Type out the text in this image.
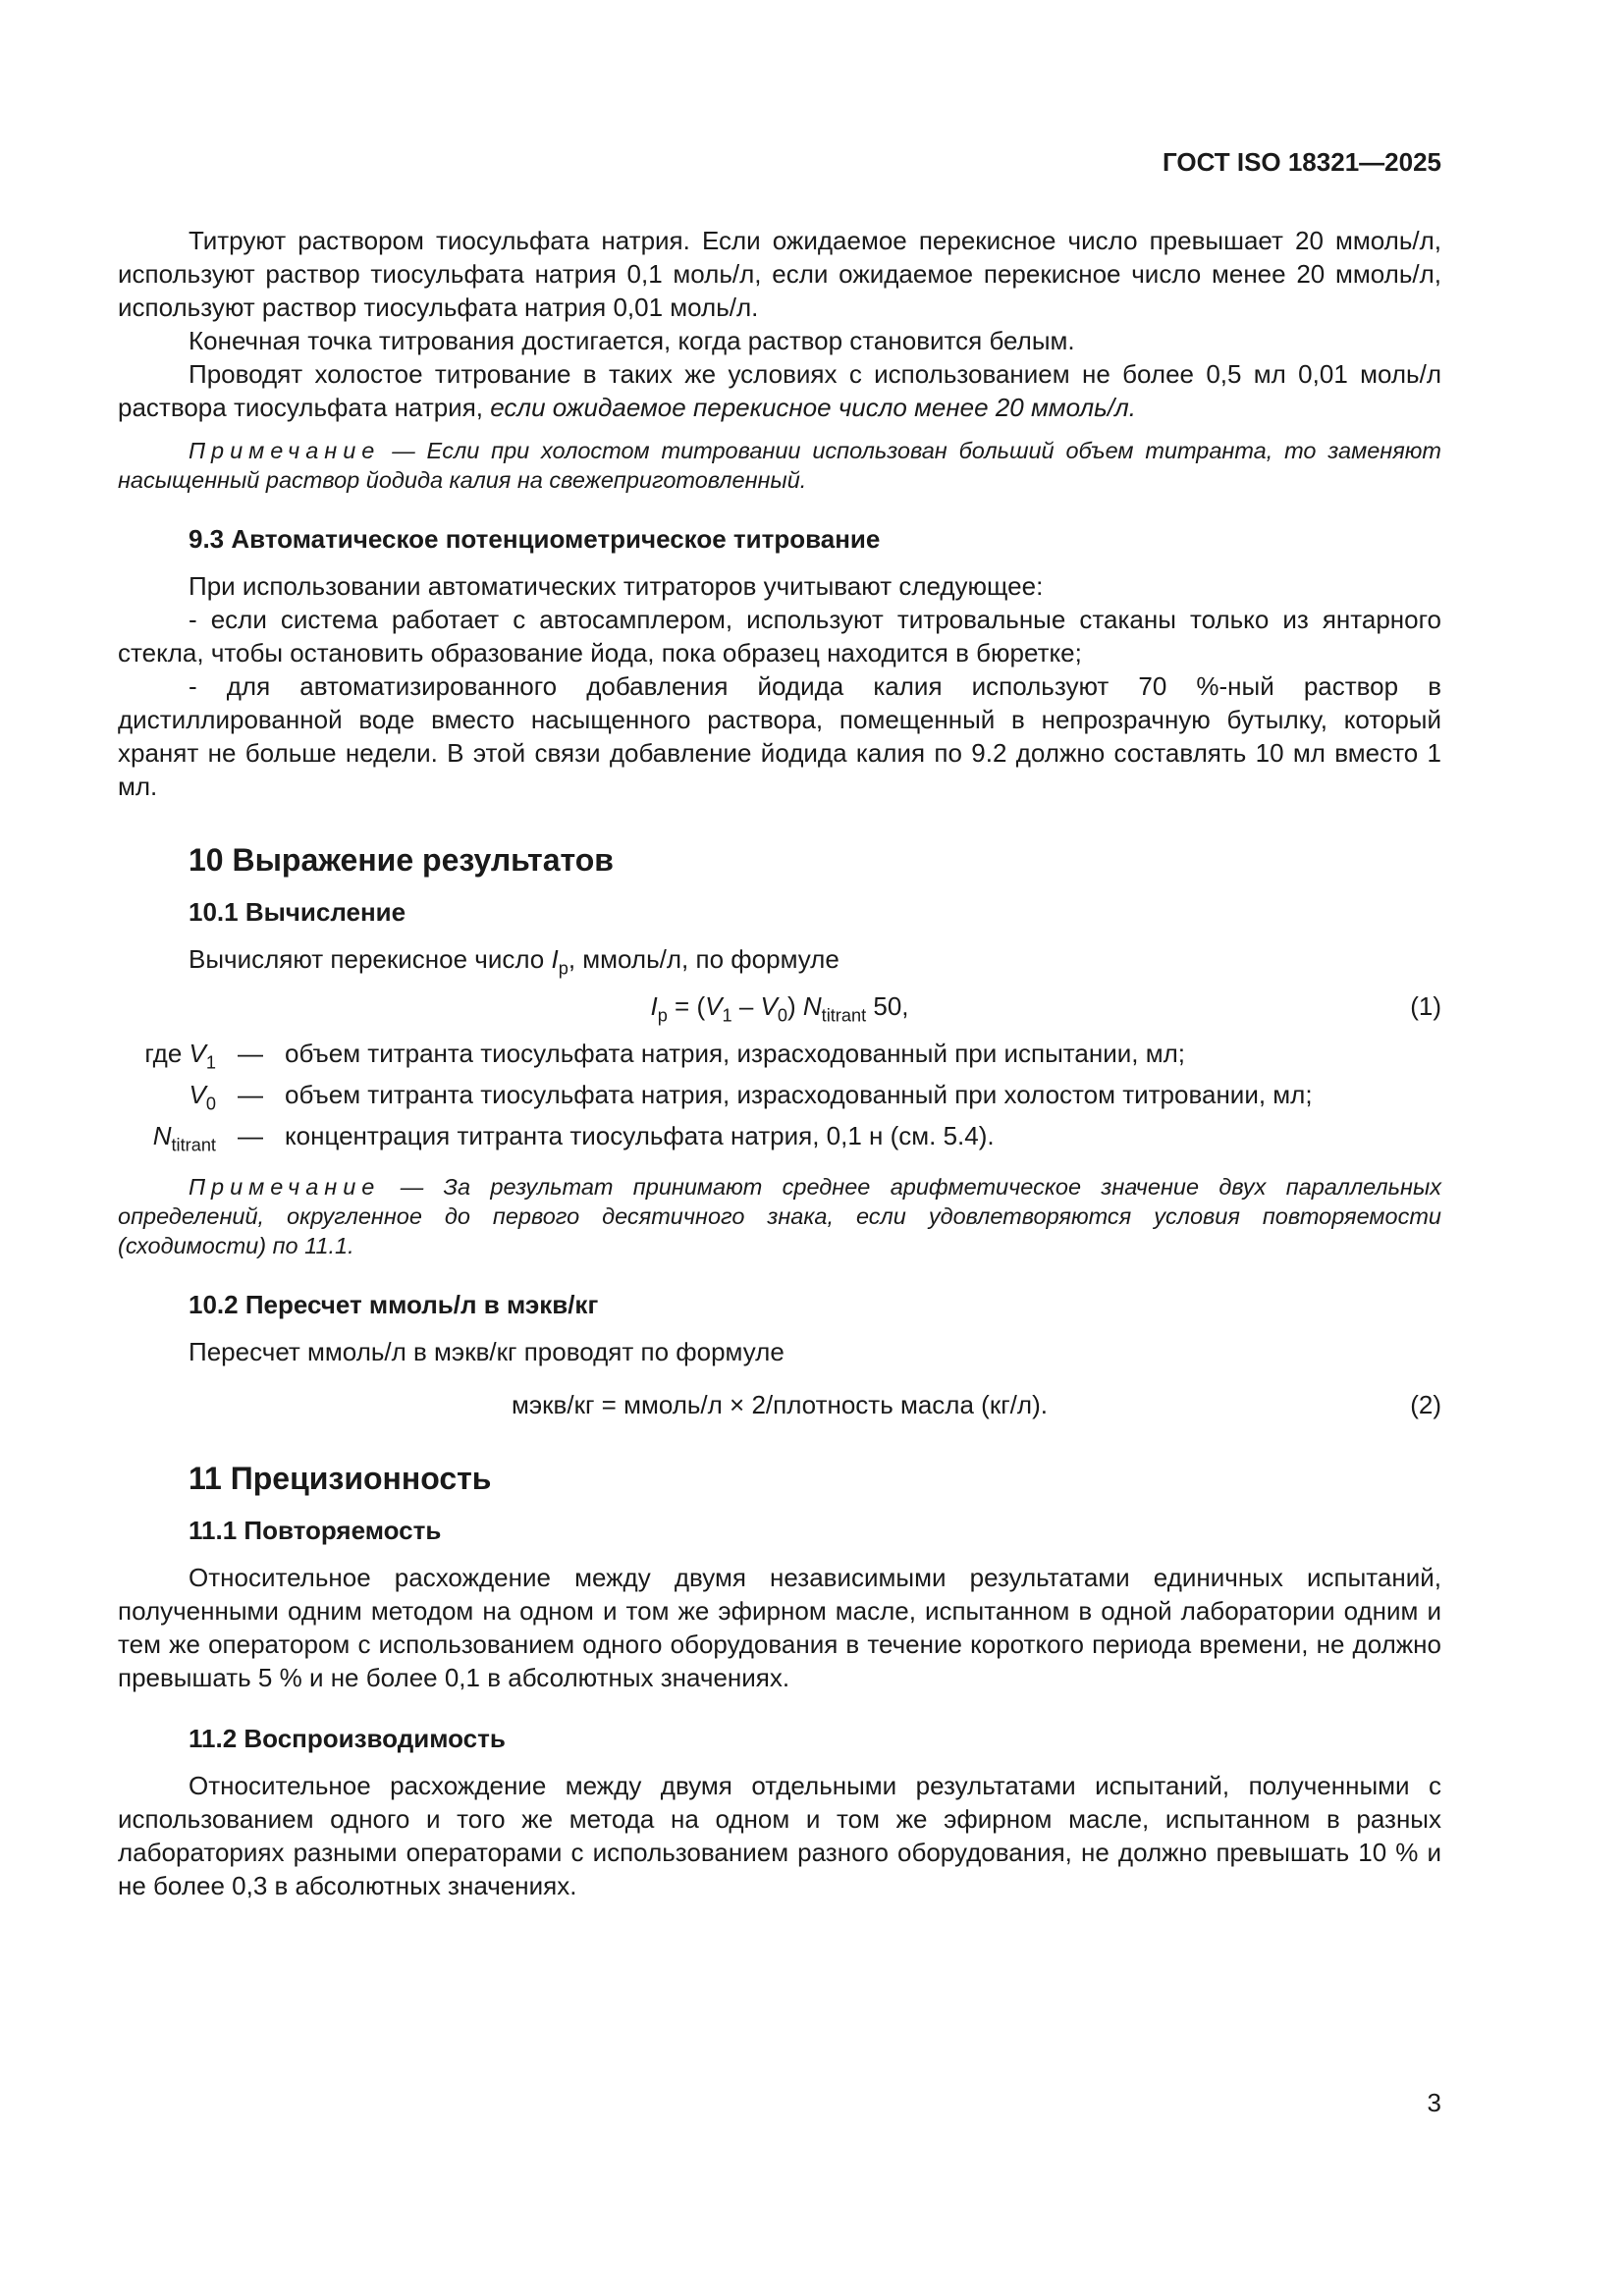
ГОСТ ISO 18321—2025

Титруют раствором тиосульфата натрия. Если ожидаемое перекисное число превышает 20 ммоль/л, используют раствор тиосульфата натрия 0,1 моль/л, если ожидаемое перекисное число менее 20 ммоль/л, используют раствор тиосульфата натрия 0,01 моль/л.

Конечная точка титрования достигается, когда раствор становится белым.

Проводят холостое титрование в таких же условиях с использованием не более 0,5 мл 0,01 моль/л раствора тиосульфата натрия, если ожидаемое перекисное число менее 20 ммоль/л.

Примечание — Если при холостом титровании использован больший объем титранта, то заменяют насыщенный раствор йодида калия на свежеприготовленный.

9.3 Автоматическое потенциометрическое титрование

При использовании автоматических титраторов учитывают следующее:

- если система работает с автосамплером, используют титровальные стаканы только из янтарного стекла, чтобы остановить образование йода, пока образец находится в бюретке;

- для автоматизированного добавления йодида калия используют 70 %-ный раствор в дистиллированной воде вместо насыщенного раствора, помещенный в непрозрачную бутылку, который хранят не больше недели. В этой связи добавление йодида калия по 9.2 должно составлять 10 мл вместо 1 мл.

10 Выражение результатов
10.1 Вычисление

Вычисляют перекисное число $I_p$, ммоль/л, по формуле

$I_p = (V_1 - V_0)$ $N_{titrant}$ 50,	(1)
где $V_1$ — объем титранта тиосульфата натрия, израсходованный при испытании, мл;
$V_0$ — объем титранта тиосульфата натрия, израсходованный при холостом титровании, мл;
$N_{titrant}$ — концентрация титранта тиосульфата натрия, 0,1 н (см. 5.4).

Примечание — За результат принимают среднее арифметическое значение двух параллельных определений, округленное до первого десятичного знака, если удовлетворяются условия повторяемости (сходимости) по 11.1.

10.2 Пересчет ммоль/л в мэкв/кг

Пересчет ммоль/л в мэкв/кг проводят по формуле

мэкв/кг = ммоль/л × 2/плотность масла (кг/л).	(2)
11 Прецизионность
11.1 Повторяемость

Относительное расхождение между двумя независимыми результатами единичных испытаний, полученными одним методом на одном и том же эфирном масле, испытанном в одной лаборатории одним и тем же оператором с использованием одного оборудования в течение короткого периода времени, не должно превышать 5 % и не более 0,1 в абсолютных значениях.

11.2 Воспроизводимость

Относительное расхождение между двумя отдельными результатами испытаний, полученными с использованием одного и того же метода на одном и том же эфирном масле, испытанном в разных лабораториях разными операторами с использованием разного оборудования, не должно превышать 10 % и не более 0,3 в абсолютных значениях.

3
